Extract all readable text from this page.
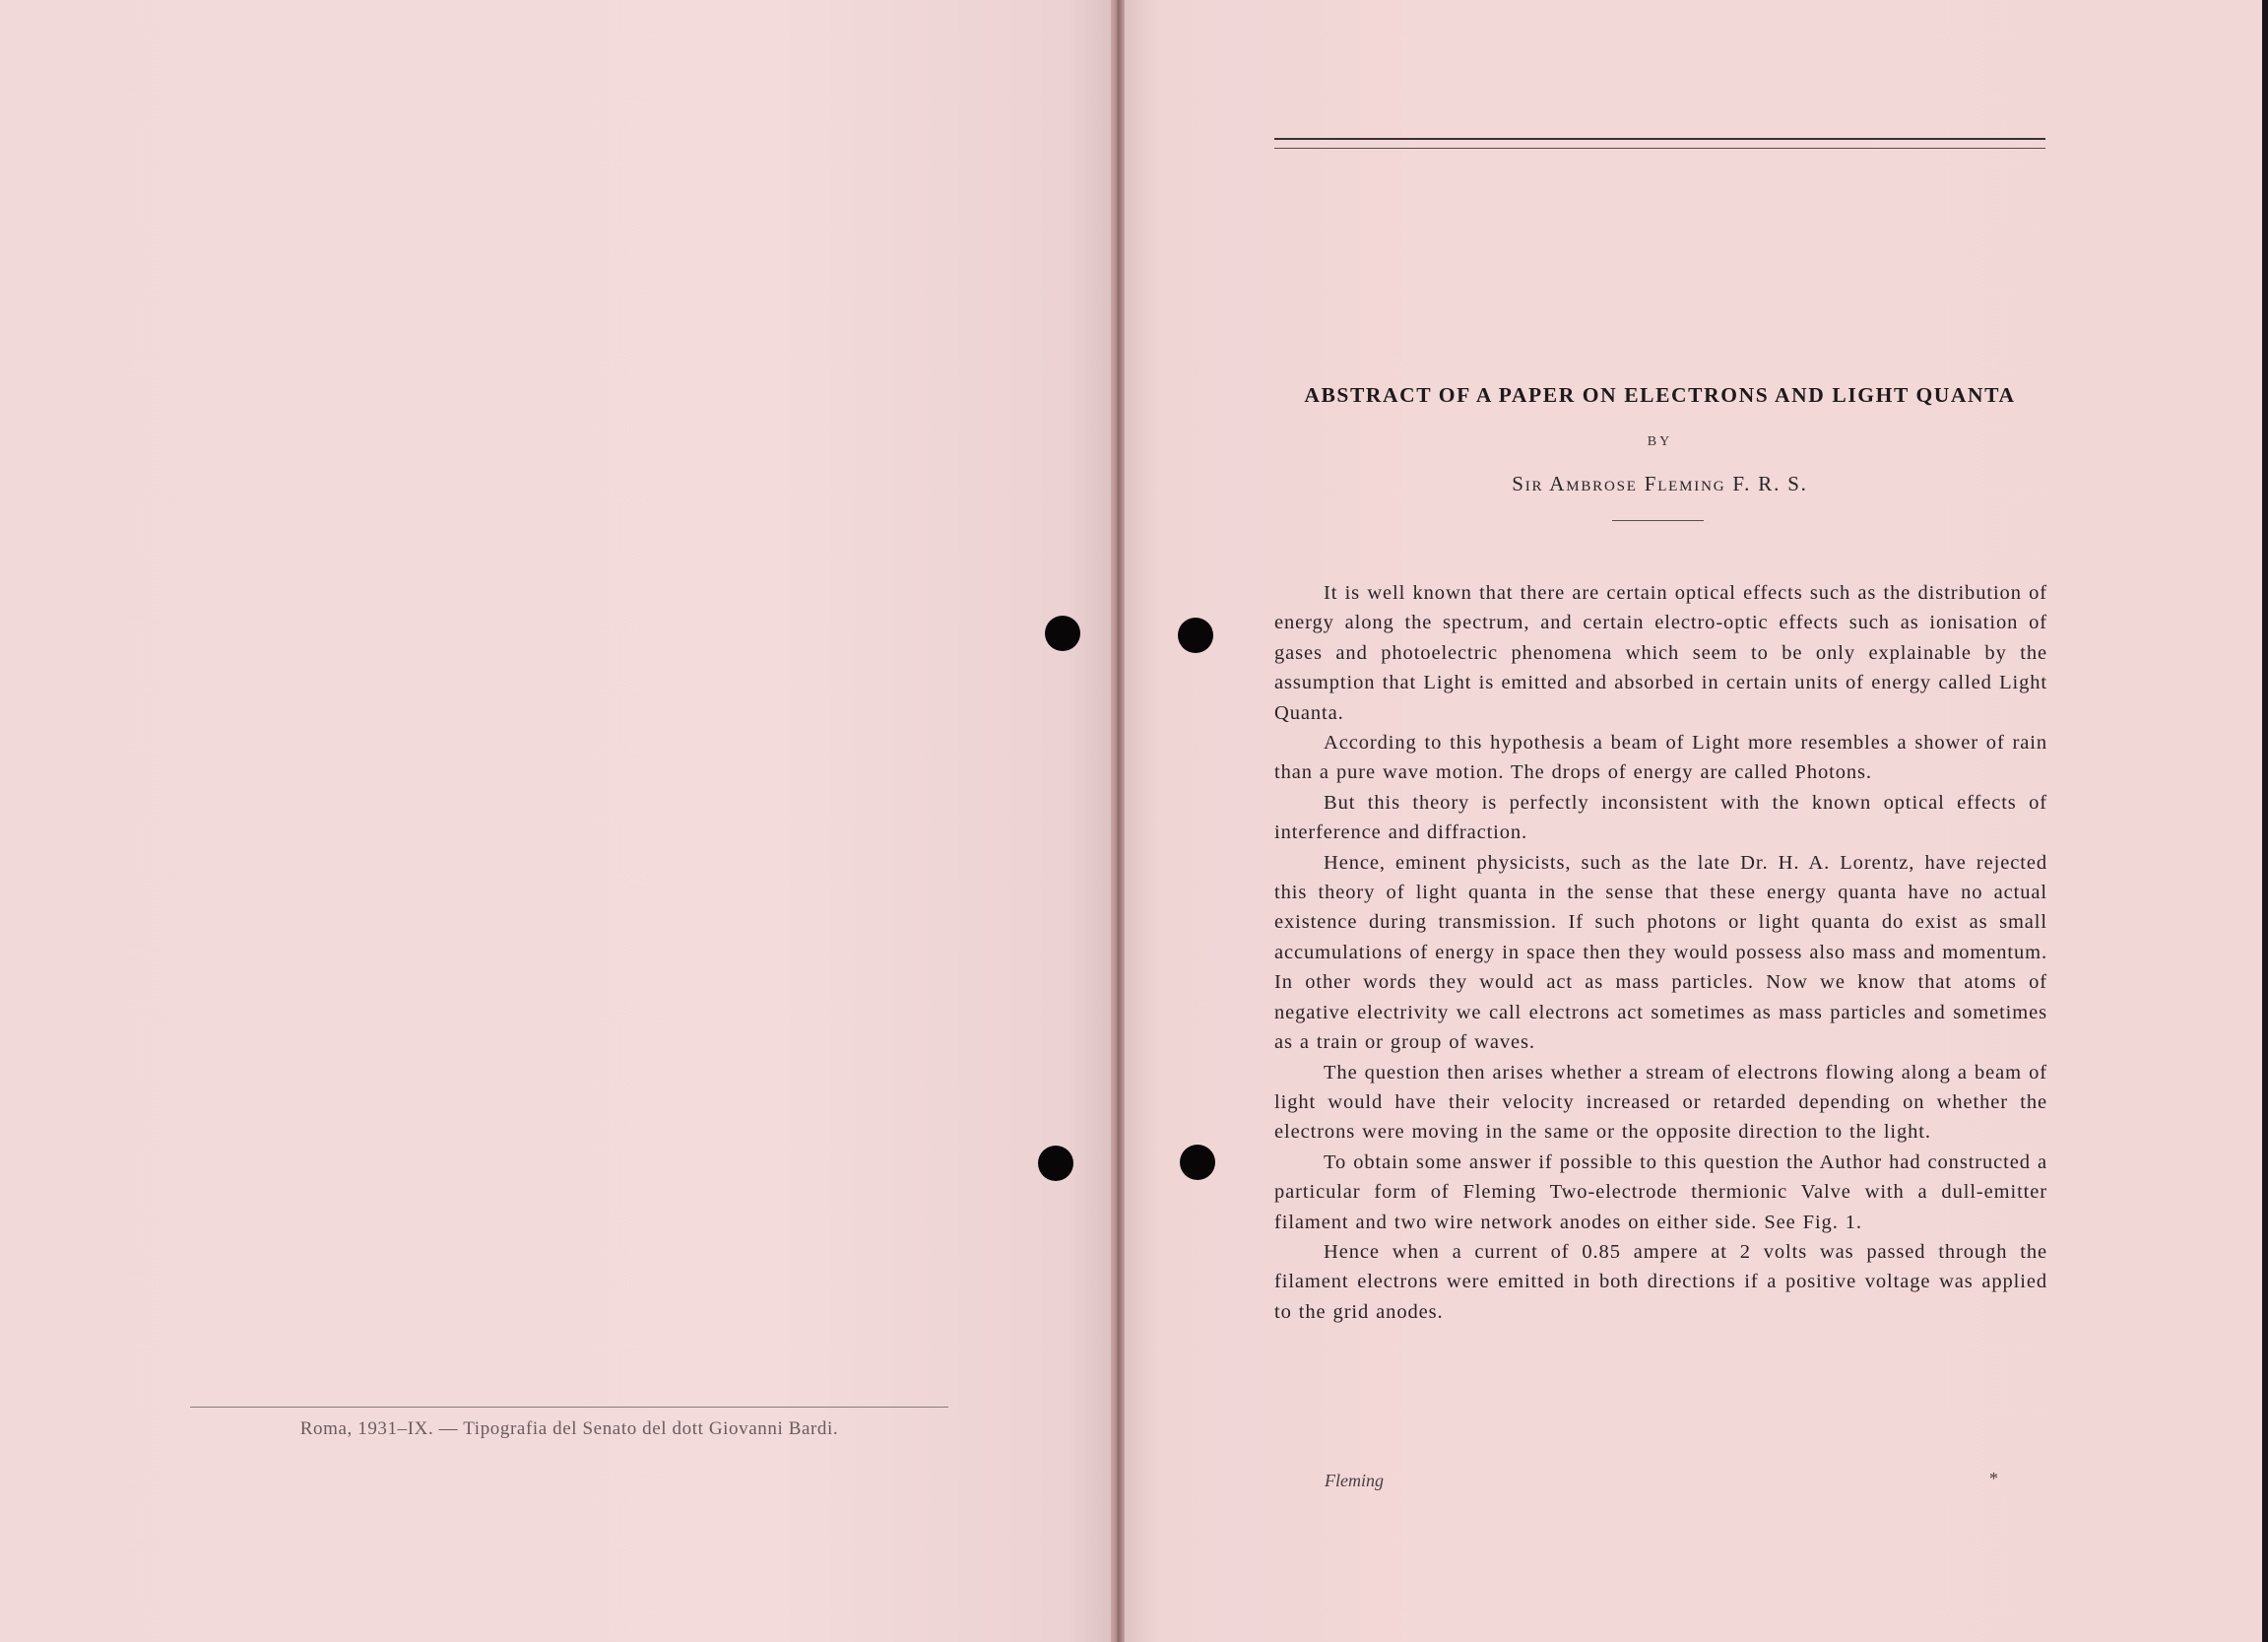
Roma, 1931–IX. — Tipografia del Senato del dott Giovanni Bardi.
ABSTRACT OF A PAPER ON ELECTRONS AND LIGHT QUANTA
BY
Sir Ambrose Fleming F. R. S.

It is well known that there are certain optical effects such as the distribution of energy along the spectrum, and certain electro-optic effects such as ionisation of gases and photoelectric phenomena which seem to be only explainable by the assumption that Light is emitted and absorbed in certain units of energy called Light Quanta.

According to this hypothesis a beam of Light more resembles a shower of rain than a pure wave motion. The drops of energy are called Photons.

But this theory is perfectly inconsistent with the known optical effects of interference and diffraction.

Hence, eminent physicists, such as the late Dr. H. A. Lorentz, have rejected this theory of light quanta in the sense that these energy quanta have no actual existence during transmission. If such photons or light quanta do exist as small accumulations of energy in space then they would possess also mass and momentum. In other words they would act as mass particles. Now we know that atoms of negative electrivity we call electrons act sometimes as mass particles and sometimes as a train or group of waves.

The question then arises whether a stream of electrons flowing along a beam of light would have their velocity increased or retarded depending on whether the electrons were moving in the same or the opposite direction to the light.

To obtain some answer if possible to this question the Author had constructed a particular form of Fleming Two-electrode thermionic Valve with a dull-emitter filament and two wire network anodes on either side. See Fig. 1.

Hence when a current of 0.85 ampere at 2 volts was passed through the filament electrons were emitted in both directions if a positive voltage was applied to the grid anodes.

Fleming	*
